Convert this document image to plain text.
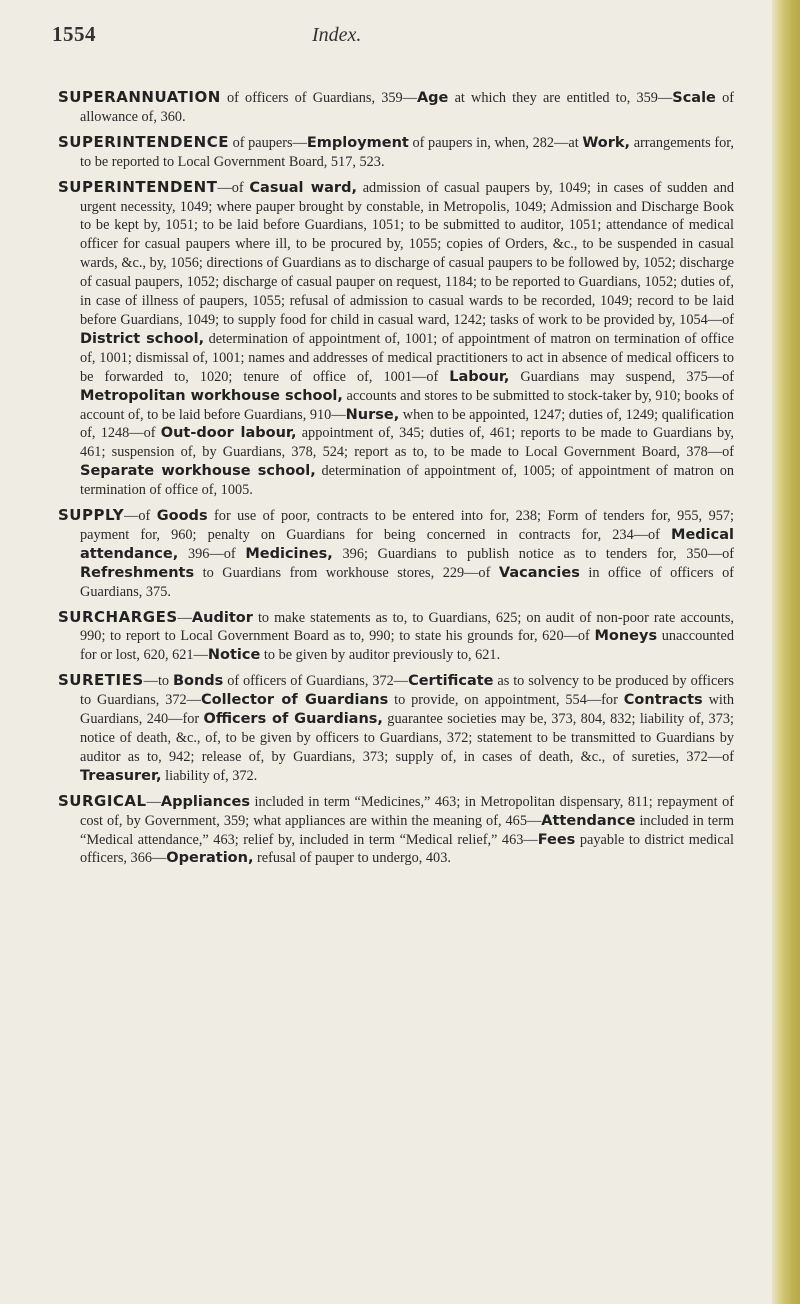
1554	Index.

SUPERANNUATION of officers of Guardians, 359—Age at which they are entitled to, 359—Scale of allowance of, 360.

SUPERINTENDENCE of paupers—Employment of paupers in, when, 282—at Work, arrangements for, to be reported to Local Government Board, 517, 523.

SUPERINTENDENT—of Casual ward, admission of casual paupers by, 1049; in cases of sudden and urgent necessity, 1049; where pauper brought by constable, in Metropolis, 1049; Admission and Discharge Book to be kept by, 1051; to be laid before Guardians, 1051; to be submitted to auditor, 1051; attendance of medical officer for casual paupers where ill, to be procured by, 1055; copies of Orders, &c., to be suspended in casual wards, &c., by, 1056; directions of Guardians as to discharge of casual paupers to be followed by, 1052; discharge of casual paupers, 1052; discharge of casual pauper on request, 1184; to be reported to Guardians, 1052; duties of, in case of illness of paupers, 1055; refusal of admission to casual wards to be recorded, 1049; record to be laid before Guardians, 1049; to supply food for child in casual ward, 1242; tasks of work to be provided by, 1054—of District school, determination of appointment of, 1001; of appointment of matron on termination of office of, 1001; dismissal of, 1001; names and addresses of medical practitioners to act in absence of medical officers to be forwarded to, 1020; tenure of office of, 1001—of Labour, Guardians may suspend, 375—of Metropolitan workhouse school, accounts and stores to be submitted to stock-taker by, 910; books of account of, to be laid before Guardians, 910—Nurse, when to be appointed, 1247; duties of, 1249; qualification of, 1248—of Out-door labour, appointment of, 345; duties of, 461; reports to be made to Guardians by, 461; suspension of, by Guardians, 378, 524; report as to, to be made to Local Government Board, 378—of Separate workhouse school, determination of appointment of, 1005; of appointment of matron on termination of office of, 1005.

SUPPLY—of Goods for use of poor, contracts to be entered into for, 238; Form of tenders for, 955, 957; payment for, 960; penalty on Guardians for being concerned in contracts for, 234—of Medical attendance, 396—of Medicines, 396; Guardians to publish notice as to tenders for, 350—of Refreshments to Guardians from workhouse stores, 229—of Vacancies in office of officers of Guardians, 375.

SURCHARGES—Auditor to make statements as to, to Guardians, 625; on audit of non-poor rate accounts, 990; to report to Local Government Board as to, 990; to state his grounds for, 620—of Moneys unaccounted for or lost, 620, 621—Notice to be given by auditor previously to, 621.

SURETIES—to Bonds of officers of Guardians, 372—Certificate as to solvency to be produced by officers to Guardians, 372—Collector of Guardians to provide, on appointment, 554—for Contracts with Guardians, 240—for Officers of Guardians, guarantee societies may be, 373, 804, 832; liability of, 373; notice of death, &c., of, to be given by officers to Guardians, 372; statement to be transmitted to Guardians by auditor as to, 942; release of, by Guardians, 373; supply of, in cases of death, &c., of sureties, 372—of Treasurer, liability of, 372.

SURGICAL—Appliances included in term “Medicines,” 463; in Metropolitan dispensary, 811; repayment of cost of, by Government, 359; what appliances are within the meaning of, 465—Attendance included in term “Medical attendance,” 463; relief by, included in term “Medical relief,” 463—Fees payable to district medical officers, 366—Operation, refusal of pauper to undergo, 403.
